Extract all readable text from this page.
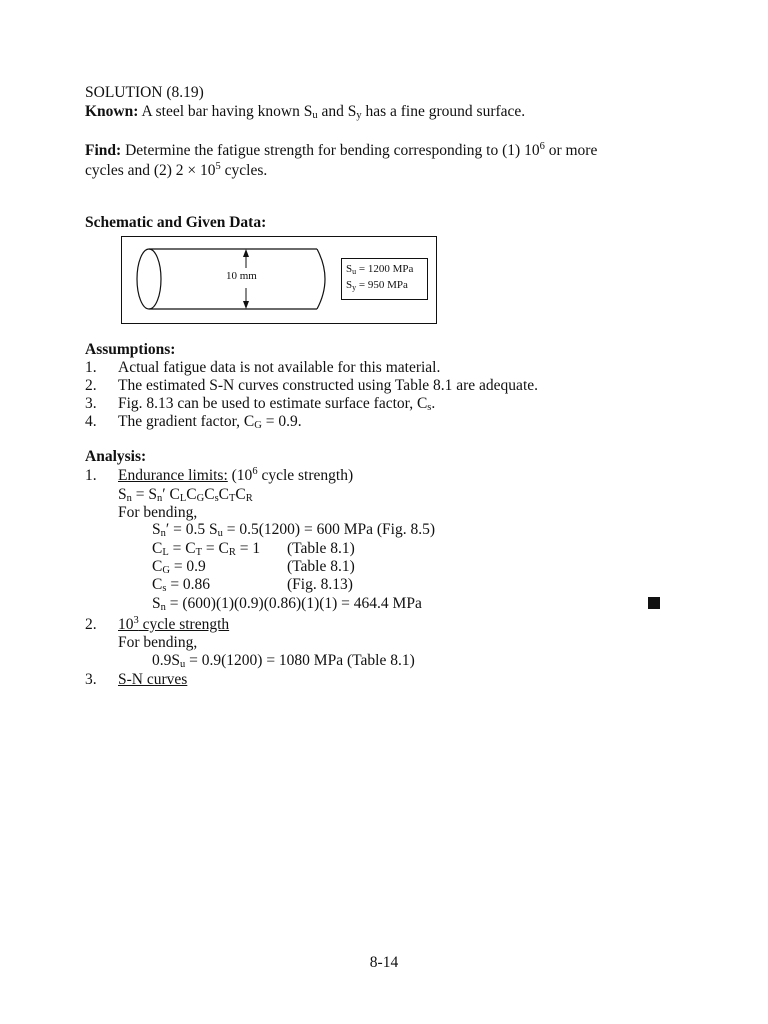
SOLUTION (8.19)
Known: A steel bar having known $S_u$ and $S_y$ has a fine ground surface.
Find: Determine the fatigue strength for bending corresponding to (1) $10^6$ or more
cycles and (2) $2 \times 10^5$ cycles.
Schematic and Given Data:
10 mm
$S_u = 1200$ MPa
$S_y = 950$ MPa
Assumptions:
1. Actual fatigue data is not available for this material.
2. The estimated S-N curves constructed using Table 8.1 are adequate.
3. Fig. 8.13 can be used to estimate surface factor, $C_s$.
4. The gradient factor, $C_G = 0.9$.
Analysis:
1. Endurance limits: ($10^6$ cycle strength)
$S_n = S_n'$ $C_LC_GC_sC_TC_R$
For bending,
$S_n' = 0.5$ $S_u = 0.5(1200) = 600$ MPa (Fig. 8.5)
$C_L = C_T = C_R = 1$ (Table 8.1)
$C_G = 0.9$	(Table 8.1)
$C_s = 0.86$	(Fig. 8.13)
$S_n = (600)(1)(0.9)(0.86)(1)(1) = 464.4$ MPa
2. $10^3$ cycle strength
For bending,
$0.9S_u = 0.9(1200) = 1080$ MPa (Table 8.1)
3. S-N curves
8-14
